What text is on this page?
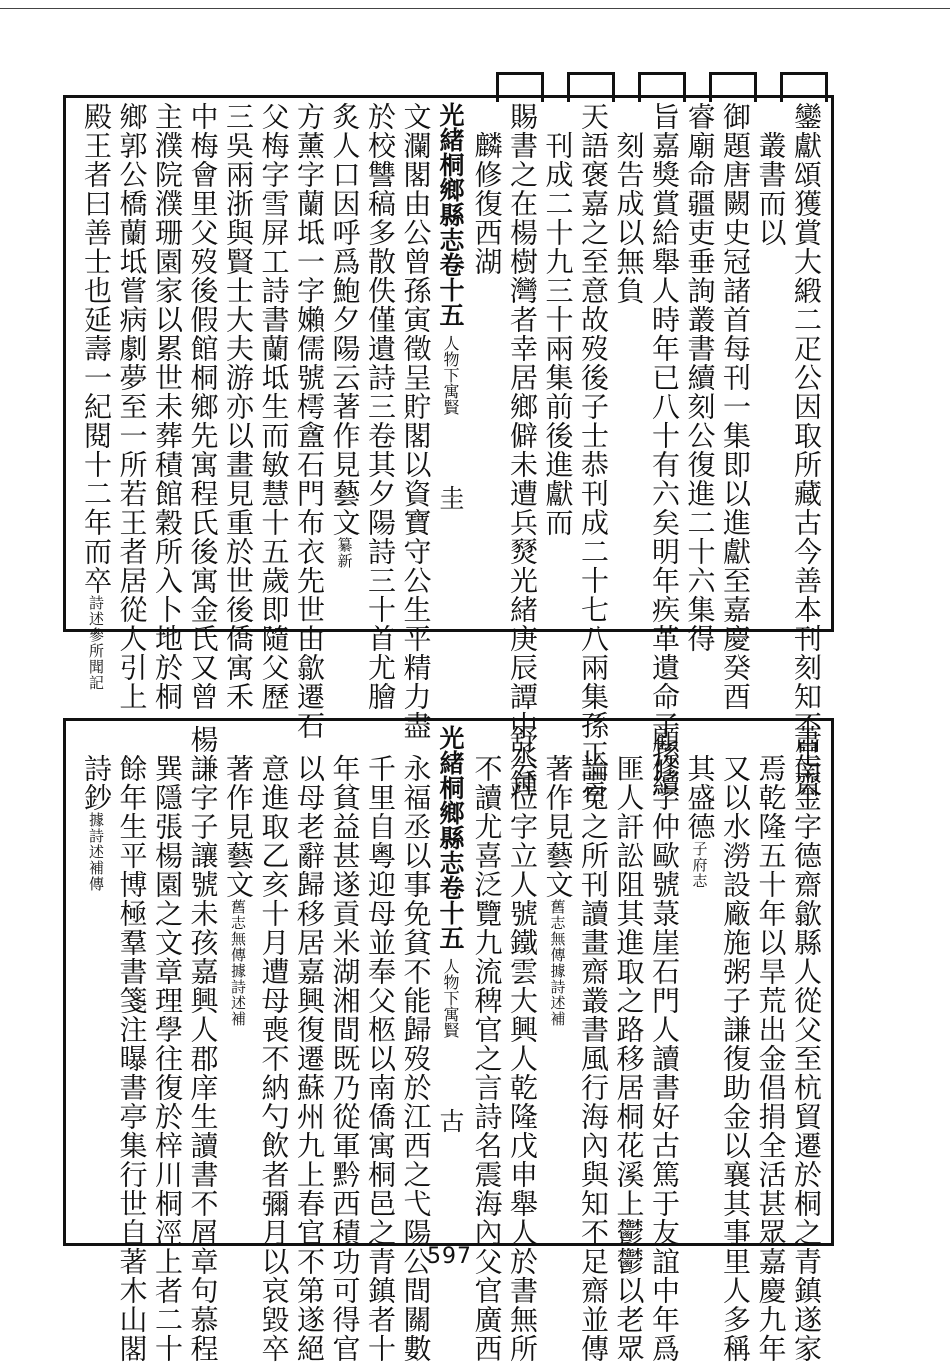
鑾獻頌獲賞大緞二疋公因取所藏古今善本刊刻知不足齋
　叢書而以
御題唐闕史冠諸首每刊一集即以進獻至嘉慶癸酉
睿廟命疆吏垂詢叢書續刻公復進二十六集得
旨嘉獎賞給舉人時年已八十有六矣明年疾革遺命子孫續
　刻告成以無負
天語褒嘉之至意故歿後子士恭刊成二十七八兩集孫正言
　刊成二十九三十兩集前後進獻而
賜書之在楊樹灣者幸居鄉僻未遭兵燹光緒庚辰譚中丞鍾
　麟修復西湖
光緒桐鄉縣志卷十五人物下寓賢圭
文瀾閣由公曾孫寅徵呈貯閣以資寶守公生平精力盡
於校讐稿多散佚僅遺詩三卷其夕陽詩三十首尤膾
炙人口因呼爲鮑夕陽云著作見藝文纂新
方薰字蘭坻一字嬾儒號樗盦石門布衣先世由歙遷石
父梅字雪屏工詩書蘭坻生而敏慧十五歲即隨父歷
三吳兩浙與賢士大夫游亦以畫見重於世後僑寓禾
中梅會里父歿後假館桐鄉先寓程氏後寓金氏又曾
主濮院濮珊園家以累世未葬積館穀所入卜地於桐
鄉郭公橋蘭坻嘗病劇夢至一所若王者居從人引上
殿王者曰善士也延壽一紀閱十二年而卒詩述參所聞記
蕭南金字德齋歙縣人從父至杭貿遷於桐之青鎮遂家
　焉乾隆五十年以旱荒出金倡捐全活甚眾嘉慶九年
　又以水澇設廠施粥子謙復助金以襄其事里人多稱
　其盛德子府志
顧修字仲歐號菉崖石門人讀書好古篤于友誼中年爲
　匪人訐訟阻其進取之路移居桐花溪上鬱鬱以老眾
　論寃之所刊讀畫齋叢書風行海內與知不足齋並傳
　著作見藝文舊志無傳據詩述補
舒公位字立人號鐵雲大興人乾隆戊申舉人於書無所
　不讀尤喜泛覽九流稗官之言詩名震海內父官廣西
光緒桐鄉縣志卷十五人物下寓賢古
　永福丞以事免貧不能歸歿於江西之弋陽公間關數
　千里自粵迎母並奉父柩以南僑寓桐邑之青鎮者十
　年貧益甚遂貢米湖湘間既乃從軍黔西積功可得官
　以母老辭歸移居嘉興復遷蘇州九上春官不第遂絕
　意進取乙亥十月遭母喪不納勺飲者彌月以哀毀卒
　著作見藝文舊志無傳據詩述補
楊謙字子讓號未孩嘉興人郡庠生讀書不屑章句慕程
　巽隱張楊園之文章理學往復於梓川桐涇上者二十
　餘年生平博極羣書箋注曝書亭集行世自著木山閣
　詩鈔據詩述補傳
597
